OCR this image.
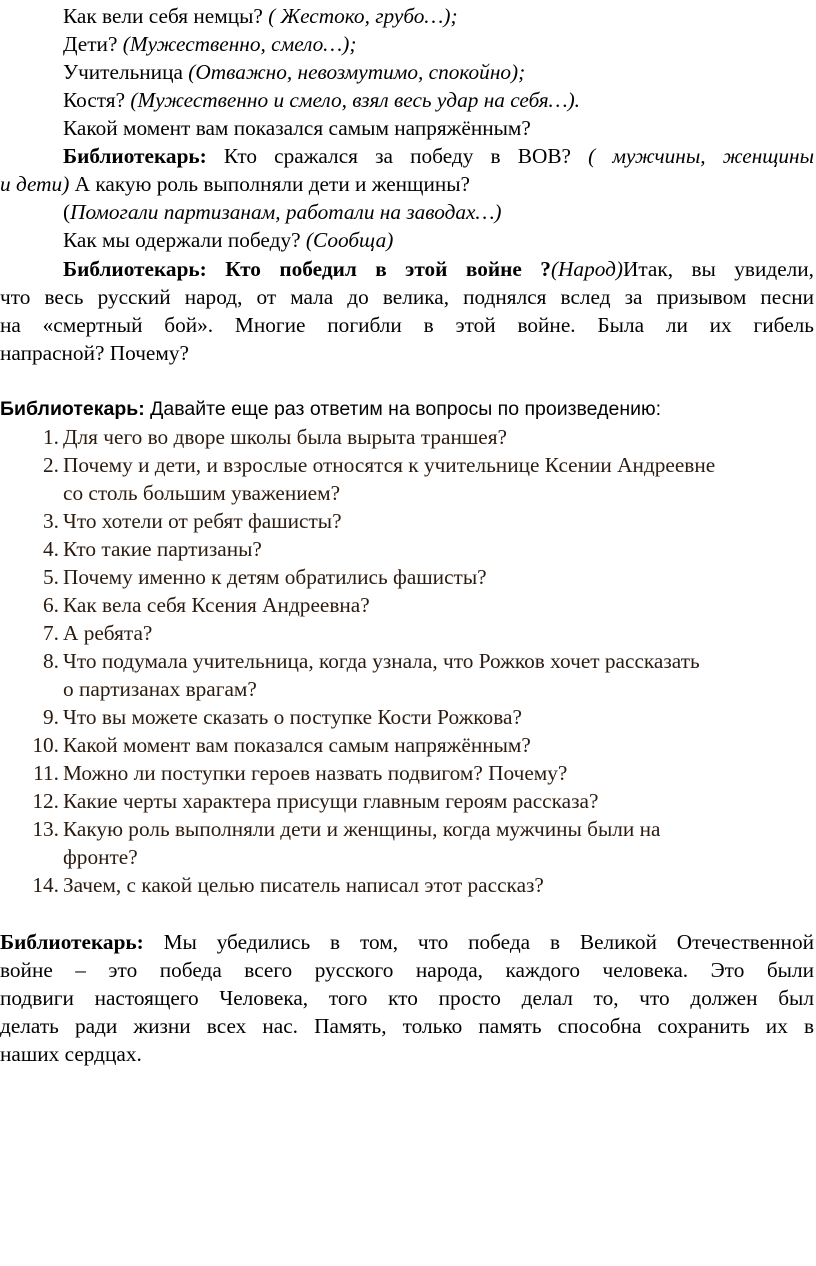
Как вели себя немцы? ( Жестоко, грубо…);
Дети? (Мужественно, смело…);
Учительница (Отважно, невозмутимо, спокойно);
Костя? (Мужественно и смело, взял весь удар на себя…).
Какой момент вам показался самым напряжённым?
Библиотекарь: Кто сражался за победу в ВОВ? ( мужчины, женщины
и дети) А какую роль выполняли дети и женщины?
(Помогали партизанам, работали на заводах…)
Как мы одержали победу? (Сообща)
Библиотекарь: Кто победил в этой войне ?(Народ)Итак, вы увидели,
что весь русский народ, от мала до велика, поднялся вслед за призывом песни
на «смертный бой». Многие погибли в этой войне. Была ли их гибель
напрасной? Почему?
Библиотекарь: Давайте еще раз ответим на вопросы по произведению:
1. Для чего во дворе школы была вырыта траншея?
2. Почему и дети, и взрослые относятся к учительнице Ксении Андреевне
со столь большим уважением?
3. Что хотели от ребят фашисты?
4. Кто такие партизаны?
5. Почему именно к детям обратились фашисты?
6. Как вела себя Ксения Андреевна?
7. А ребята?
8. Что подумала учительница, когда узнала, что Рожков хочет рассказать
о партизанах врагам?
9. Что вы можете сказать о поступке Кости Рожкова?
10. Какой момент вам показался самым напряжённым?
11. Можно ли поступки героев назвать подвигом? Почему?
12. Какие черты характера присущи главным героям рассказа?
13. Какую роль выполняли дети и женщины, когда мужчины были на
фронте?
14. Зачем, с какой целью писатель написал этот рассказ?
Библиотекарь: Мы убедились в том, что победа в Великой Отечественной
войне – это победа всего русского народа, каждого человека. Это были
подвиги настоящего Человека, того кто просто делал то, что должен был
делать ради жизни всех нас. Память, только память способна сохранить их в
наших сердцах.
